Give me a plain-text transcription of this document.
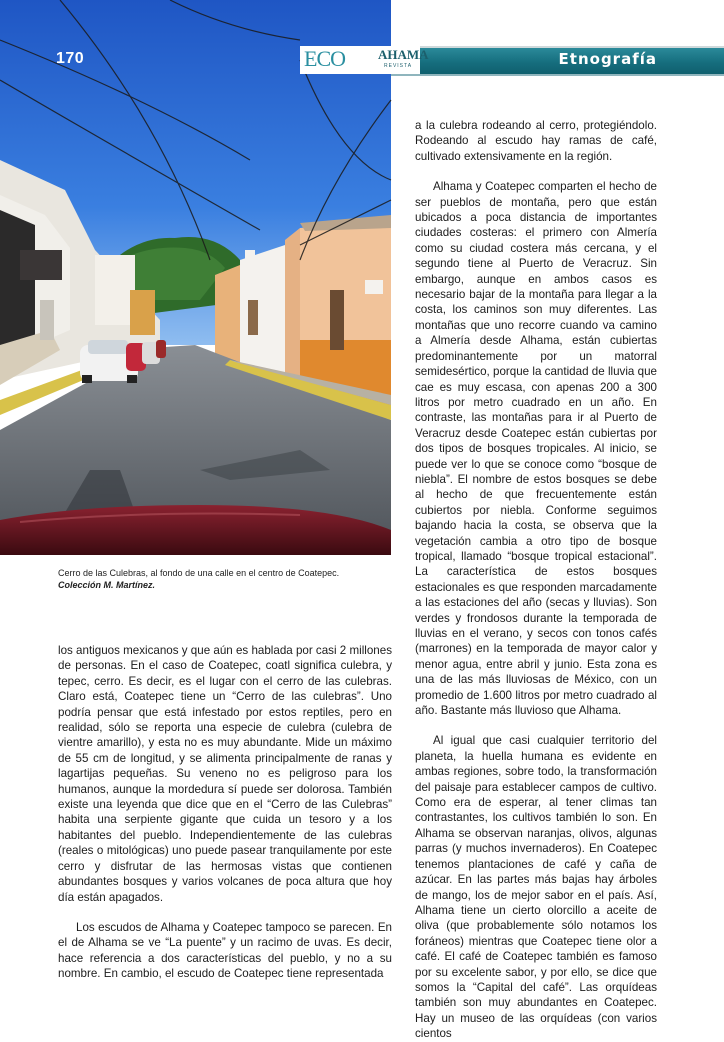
170	ECO	AHAMA
REVISTA	Etnografía
Cerro de las Culebras, al fondo de una calle en el centro de Coatepec.
Colección M. Martínez.

los antiguos mexicanos y que aún es hablada por casi 2 millones de personas. En el caso de Coatepec, coatl significa culebra, y tepec, cerro. Es decir, es el lugar con el cerro de las culebras. Claro está, Coatepec tiene un “Cerro de las culebras”. Uno podría pensar que está infestado por estos reptiles, pero en realidad, sólo se reporta una especie de culebra (culebra de vientre amarillo), y esta no es muy abundante. Mide un máximo de 55 cm de longitud, y se alimenta principalmente de ranas y lagartijas pequeñas. Su veneno no es peligroso para los humanos, aunque la mordedura sí puede ser dolorosa. También existe una leyenda que dice que en el “Cerro de las Culebras” habita una serpiente gigante que cuida un tesoro y a los habitantes del pueblo. Independientemente de las culebras (reales o mitológicas) uno puede pasear tranquilamente por este cerro y disfrutar de las hermosas vistas que contienen abundantes bosques y varios volcanes de poca altura que hoy día están apagados.

Los escudos de Alhama y Coatepec tampoco se parecen. En el de Alhama se ve “La puente” y un racimo de uvas. Es decir, hace referencia a dos características del pueblo, y no a su nombre. En cambio, el escudo de Coatepec tiene representada

a la culebra rodeando al cerro, protegiéndolo. Rodeando al escudo hay ramas de café, cultivado extensivamente en la región.

Alhama y Coatepec comparten el hecho de ser pueblos de montaña, pero que están ubicados a poca distancia de importantes ciudades costeras: el primero con Almería como su ciudad costera más cercana, y el segundo tiene al Puerto de Veracruz. Sin embargo, aunque en ambos casos es necesario bajar de la montaña para llegar a la costa, los caminos son muy diferentes. Las montañas que uno recorre cuando va camino a Almería desde Alhama, están cubiertas predominantemente por un matorral semidesértico, porque la cantidad de lluvia que cae es muy escasa, con apenas 200 a 300 litros por metro cuadrado en un año. En contraste, las montañas para ir al Puerto de Veracruz desde Coatepec están cubiertas por dos tipos de bosques tropicales. Al inicio, se puede ver lo que se conoce como “bosque de niebla”. El nombre de estos bosques se debe al hecho de que frecuentemente están cubiertos por niebla. Conforme seguimos bajando hacia la costa, se observa que la vegetación cambia a otro tipo de bosque tropical, llamado “bosque tropical estacional”. La característica de estos bosques estacionales es que responden marcadamente a las estaciones del año (secas y lluvias). Son verdes y frondosos durante la temporada de lluvias en el verano, y secos con tonos cafés (marrones) en la temporada de mayor calor y menor agua, entre abril y junio. Esta zona es una de las más lluviosas de México, con un promedio de 1.600 litros por metro cuadrado al año. Bastante más lluvioso que Alhama.

Al igual que casi cualquier territorio del planeta, la huella humana es evidente en ambas regiones, sobre todo, la transformación del paisaje para establecer campos de cultivo. Como era de esperar, al tener climas tan contrastantes, los cultivos también lo son. En Alhama se observan naranjas, olivos, algunas parras (y muchos invernaderos). En Coatepec tenemos plantaciones de café y caña de azúcar. En las partes más bajas hay árboles de mango, los de mejor sabor en el país. Así, Alhama tiene un cierto olorcillo a aceite de oliva (que probablemente sólo notamos los foráneos) mientras que Coatepec tiene olor a café. El café de Coatepec también es famoso por su excelente sabor, y por ello, se dice que somos la “Capital del café”. Las orquídeas también son muy abundantes en Coatepec. Hay un museo de las orquídeas (con varios cientos
